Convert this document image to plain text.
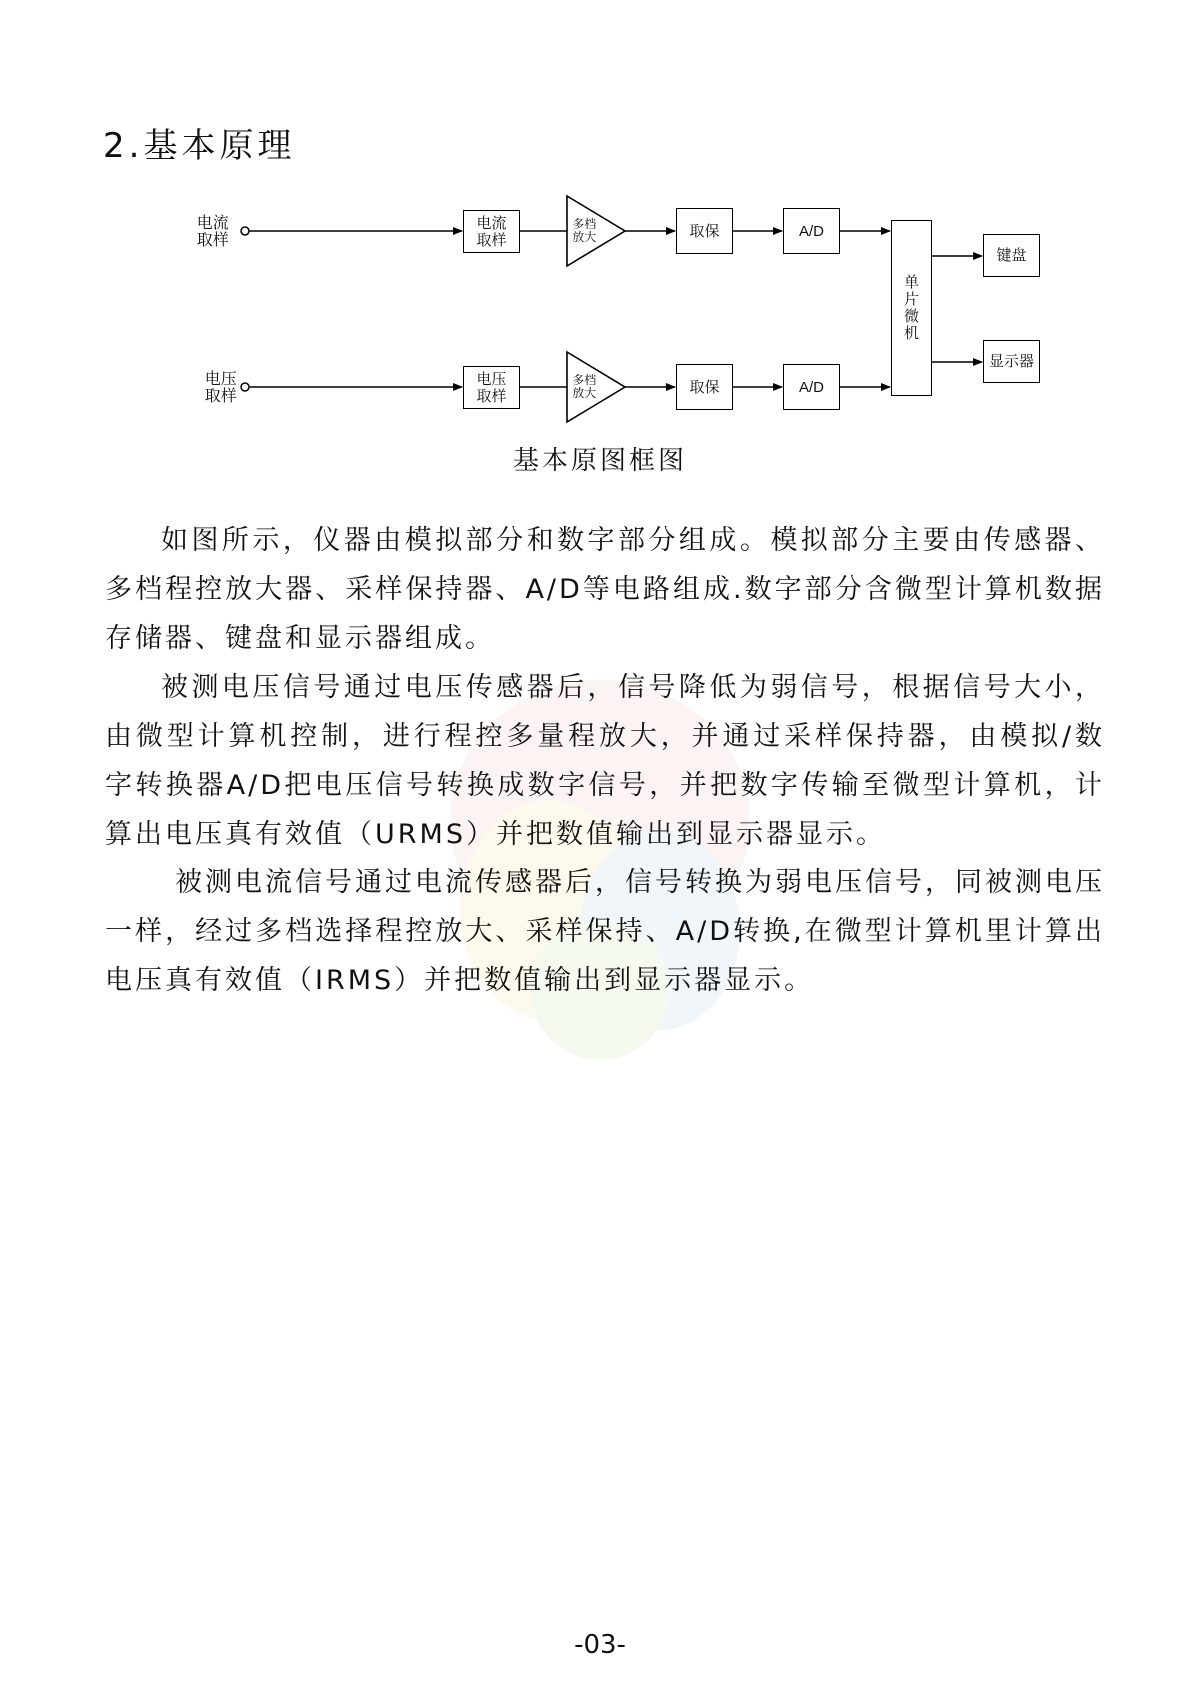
2.基本原理
电流取样
电压取样
电流取样
多档放大	取保	A/D
电压取样
多档放大	取保	A/D
单片微机
键盘
显示器
基本原图框图

如图所示，仪器由模拟部分和数字部分组成。模拟部分主要由传感器、多档程控放大器、采样保持器、A/D等电路组成.数字部分含微型计算机数据存储器、键盘和显示器组成。

被测电压信号通过电压传感器后，信号降低为弱信号，根据信号大小，由微型计算机控制，进行程控多量程放大，并通过采样保持器，由模拟/数字转换器A/D把电压信号转换成数字信号，并把数字传输至微型计算机，计算出电压真有效值（URMS）并把数值输出到显示器显示。

被测电流信号通过电流传感器后，信号转换为弱电压信号，同被测电压一样，经过多档选择程控放大、采样保持、A/D转换,在微型计算机里计算出电压真有效值（IRMS）并把数值输出到显示器显示。

-03-
